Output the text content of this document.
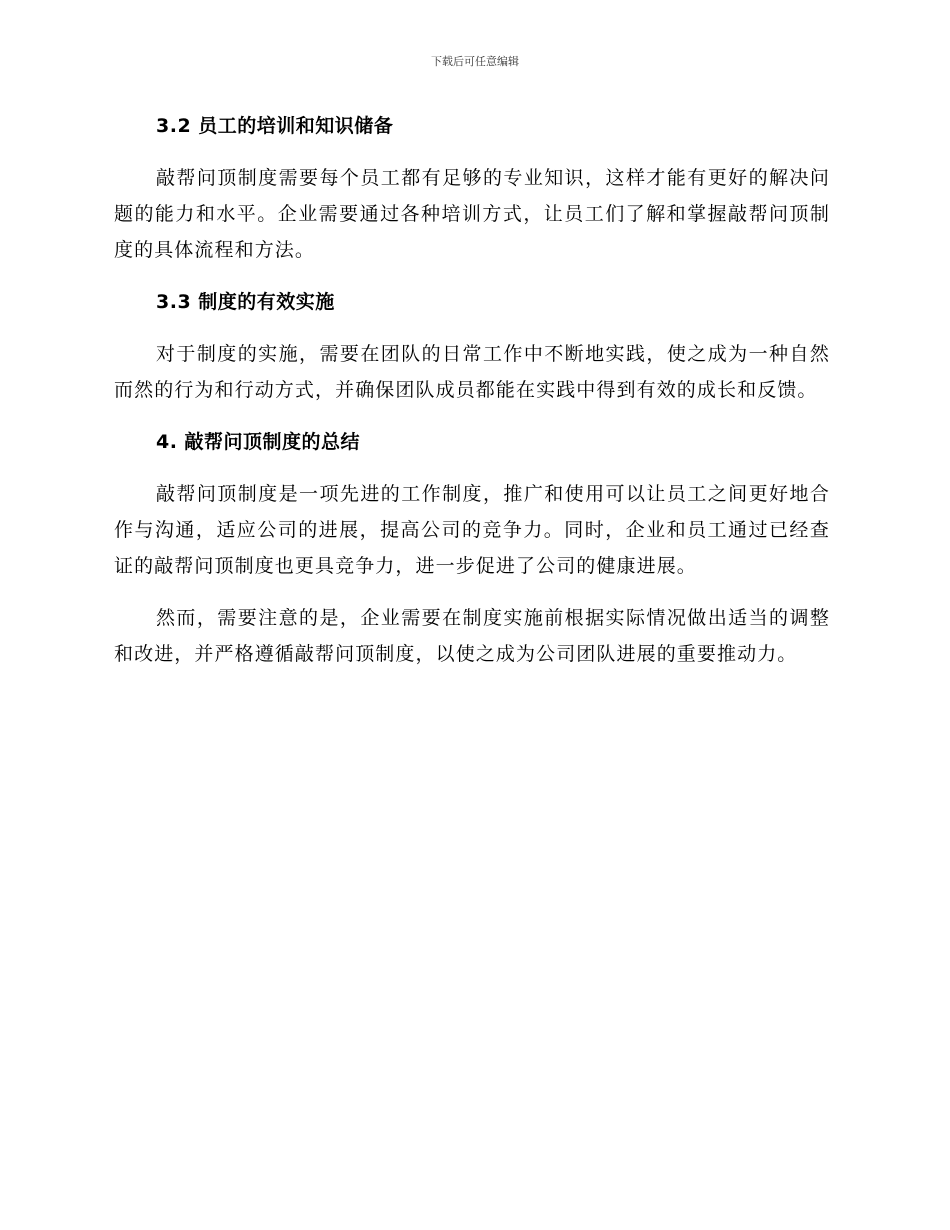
下载后可任意编辑
3.2 员工的培训和知识储备

敲帮问顶制度需要每个员工都有足够的专业知识，这样才能有更好的解决问题的能力和水平。企业需要通过各种培训方式，让员工们了解和掌握敲帮问顶制度的具体流程和方法。

3.3 制度的有效实施

对于制度的实施，需要在团队的日常工作中不断地实践，使之成为一种自然而然的行为和行动方式，并确保团队成员都能在实践中得到有效的成长和反馈。

4. 敲帮问顶制度的总结

敲帮问顶制度是一项先进的工作制度，推广和使用可以让员工之间更好地合作与沟通，适应公司的进展，提高公司的竞争力。同时，企业和员工通过已经查证的敲帮问顶制度也更具竞争力，进一步促进了公司的健康进展。

然而，需要注意的是，企业需要在制度实施前根据实际情况做出适当的调整和改进，并严格遵循敲帮问顶制度，以使之成为公司团队进展的重要推动力。
